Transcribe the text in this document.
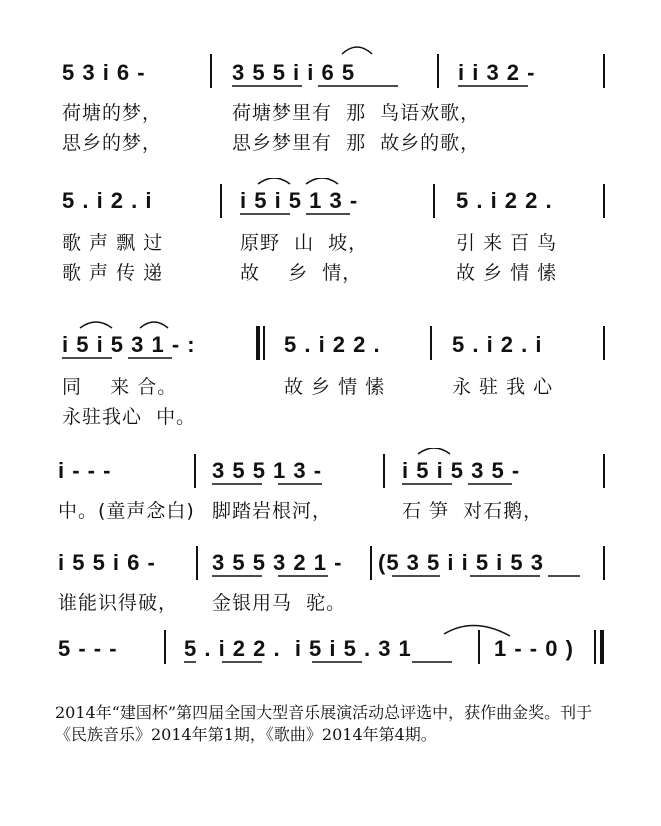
5 3 i 6 -	3 5 5 i i 6 5	i i 3 2 -
荷塘的梦，	荷塘梦里有  那  鸟语欢歌，
思乡的梦，	思乡梦里有  那  故乡的歌，
5 . i 2 . i	i 5 i 5 1 3 -	5 . i 2 2 .
歌 声 飘 过	原野  山  坡，	引 来 百 鸟
歌 声 传 递	故    乡  情，	故 乡 情 愫
i 5 i 5 3 1 - :	5 . i 2 2 .	5 . i 2 . i
同    来 合。	故 乡 情 愫	永 驻 我 心
永驻我心  中。
i - - -	3 5 5 1 3 -	i 5 i 5 3 5 -
中。(童声念白) 脚踏岩根河，	石 笋  对石鹅，
i 5 5 i 6 -	3 5 5 3 2 1 - (5 3 5 i i 5 i 5 3
谁能识得破， 金银用马  驼。
5 - - -	5 . i 2 2 .  i 5 i 5 . 3 1	1 - - 0 )
2014年“建国杯”第四届全国大型音乐展演活动总评选中，获作曲金奖。刊于《民族音乐》2014年第1期，《歌曲》2014年第4期。
